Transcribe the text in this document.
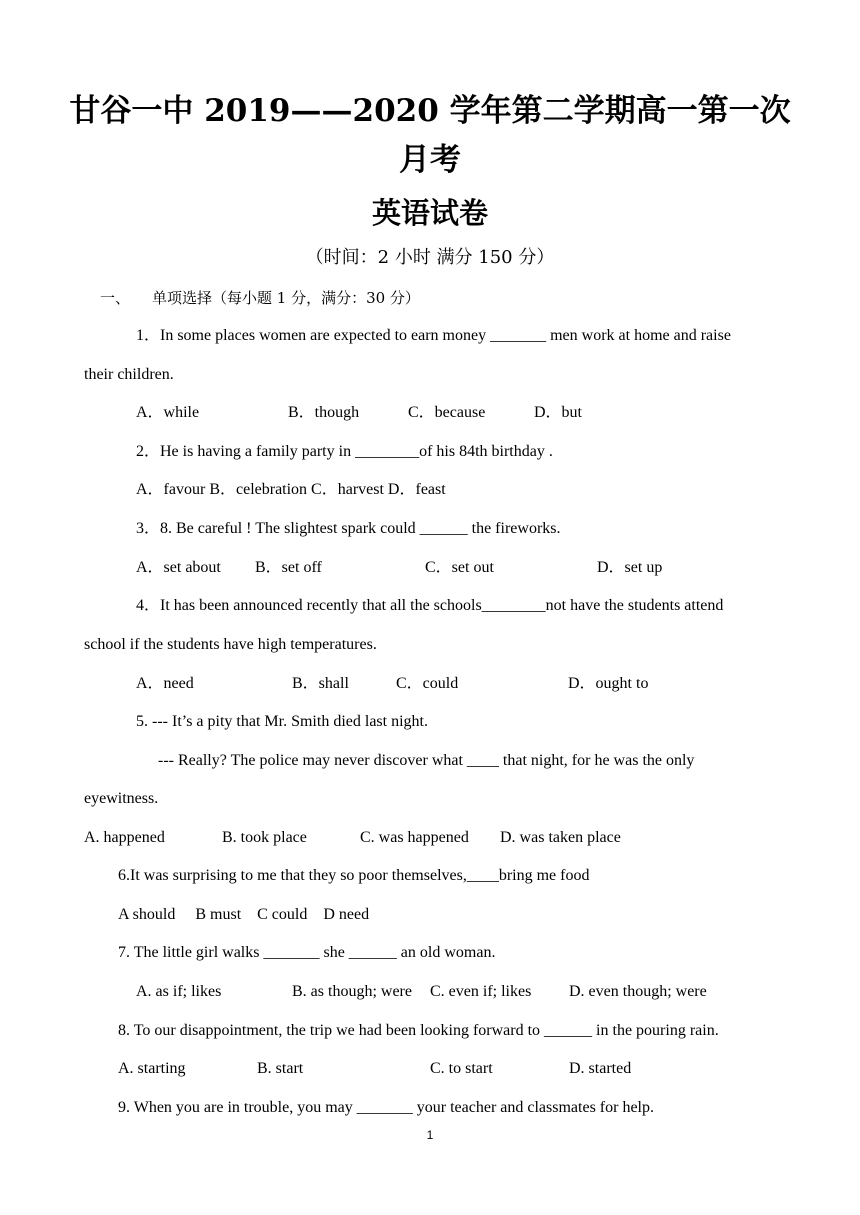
甘谷一中 2019——2020 学年第二学期高一第一次
月考
英语试卷
（时间：2 小时 满分 150 分）
一、 单项选择（每小题 1 分，满分：30 分）
1．In some places women are expected to earn money _______ men work at home and raise
their children.
A．while	B．though	C．because	D．but
2．He is having a family party in ________of his 84th birthday .
A．favour B．celebration C．harvest D．feast
3．8. Be careful ! The slightest spark could ______ the fireworks.
A．set about B．set off	C．set out	D．set up
4．It has been announced recently that all the schools________not have the students attend
school if the students have high temperatures.
A．need	B．shall	C．could	D．ought to
5. --- It’s a pity that Mr. Smith died last night.
--- Really? The police may never discover what ____ that night, for he was the only
eyewitness.
A. happened	B. took place	C. was happened D. was taken place
6.It was surprising to me that they so poor themselves,____bring me food
A should     B must    C could    D need
7. The little girl walks _______ she ______ an old woman.
A. as if; likes	B. as though; were C. even if; likes D. even though; were
8. To our disappointment, the trip we had been looking forward to ______ in the pouring rain.
A. starting	B. start	C. to start	D. started
9. When you are in trouble, you may _______ your teacher and classmates for help.
1
